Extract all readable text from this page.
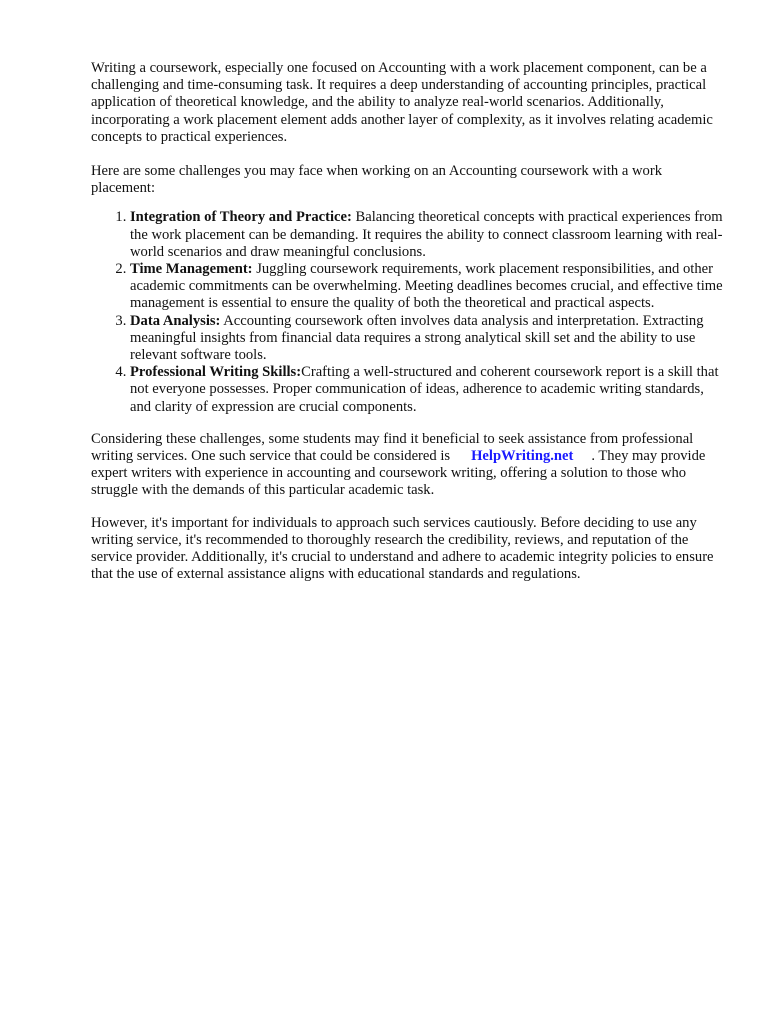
Writing a coursework, especially one focused on Accounting with a work placement component, can be a challenging and time-consuming task. It requires a deep understanding of accounting principles, practical application of theoretical knowledge, and the ability to analyze real-world scenarios. Additionally, incorporating a work placement element adds another layer of complexity, as it involves relating academic concepts to practical experiences.

Here are some challenges you may face when working on an Accounting coursework with a work placement:

1. Integration of Theory and Practice: Balancing theoretical concepts with practical experiences from the work placement can be demanding. It requires the ability to connect classroom learning with real-world scenarios and draw meaningful conclusions.
2. Time Management: Juggling coursework requirements, work placement responsibilities, and other academic commitments can be overwhelming. Meeting deadlines becomes crucial, and effective time management is essential to ensure the quality of both the theoretical and practical aspects.
3. Data Analysis: Accounting coursework often involves data analysis and interpretation. Extracting meaningful insights from financial data requires a strong analytical skill set and the ability to use relevant software tools.
4. Professional Writing Skills:Crafting a well-structured and coherent coursework report is a skill that not everyone possesses. Proper communication of ideas, adherence to academic writing standards, and clarity of expression are crucial components.

Considering these challenges, some students may find it beneficial to seek assistance from professional writing services. One such service that could be considered is HelpWriting.net . They may provide expert writers with experience in accounting and coursework writing, offering a solution to those who struggle with the demands of this particular academic task.

However, it's important for individuals to approach such services cautiously. Before deciding to use any writing service, it's recommended to thoroughly research the credibility, reviews, and reputation of the service provider. Additionally, it's crucial to understand and adhere to academic integrity policies to ensure that the use of external assistance aligns with educational standards and regulations.
